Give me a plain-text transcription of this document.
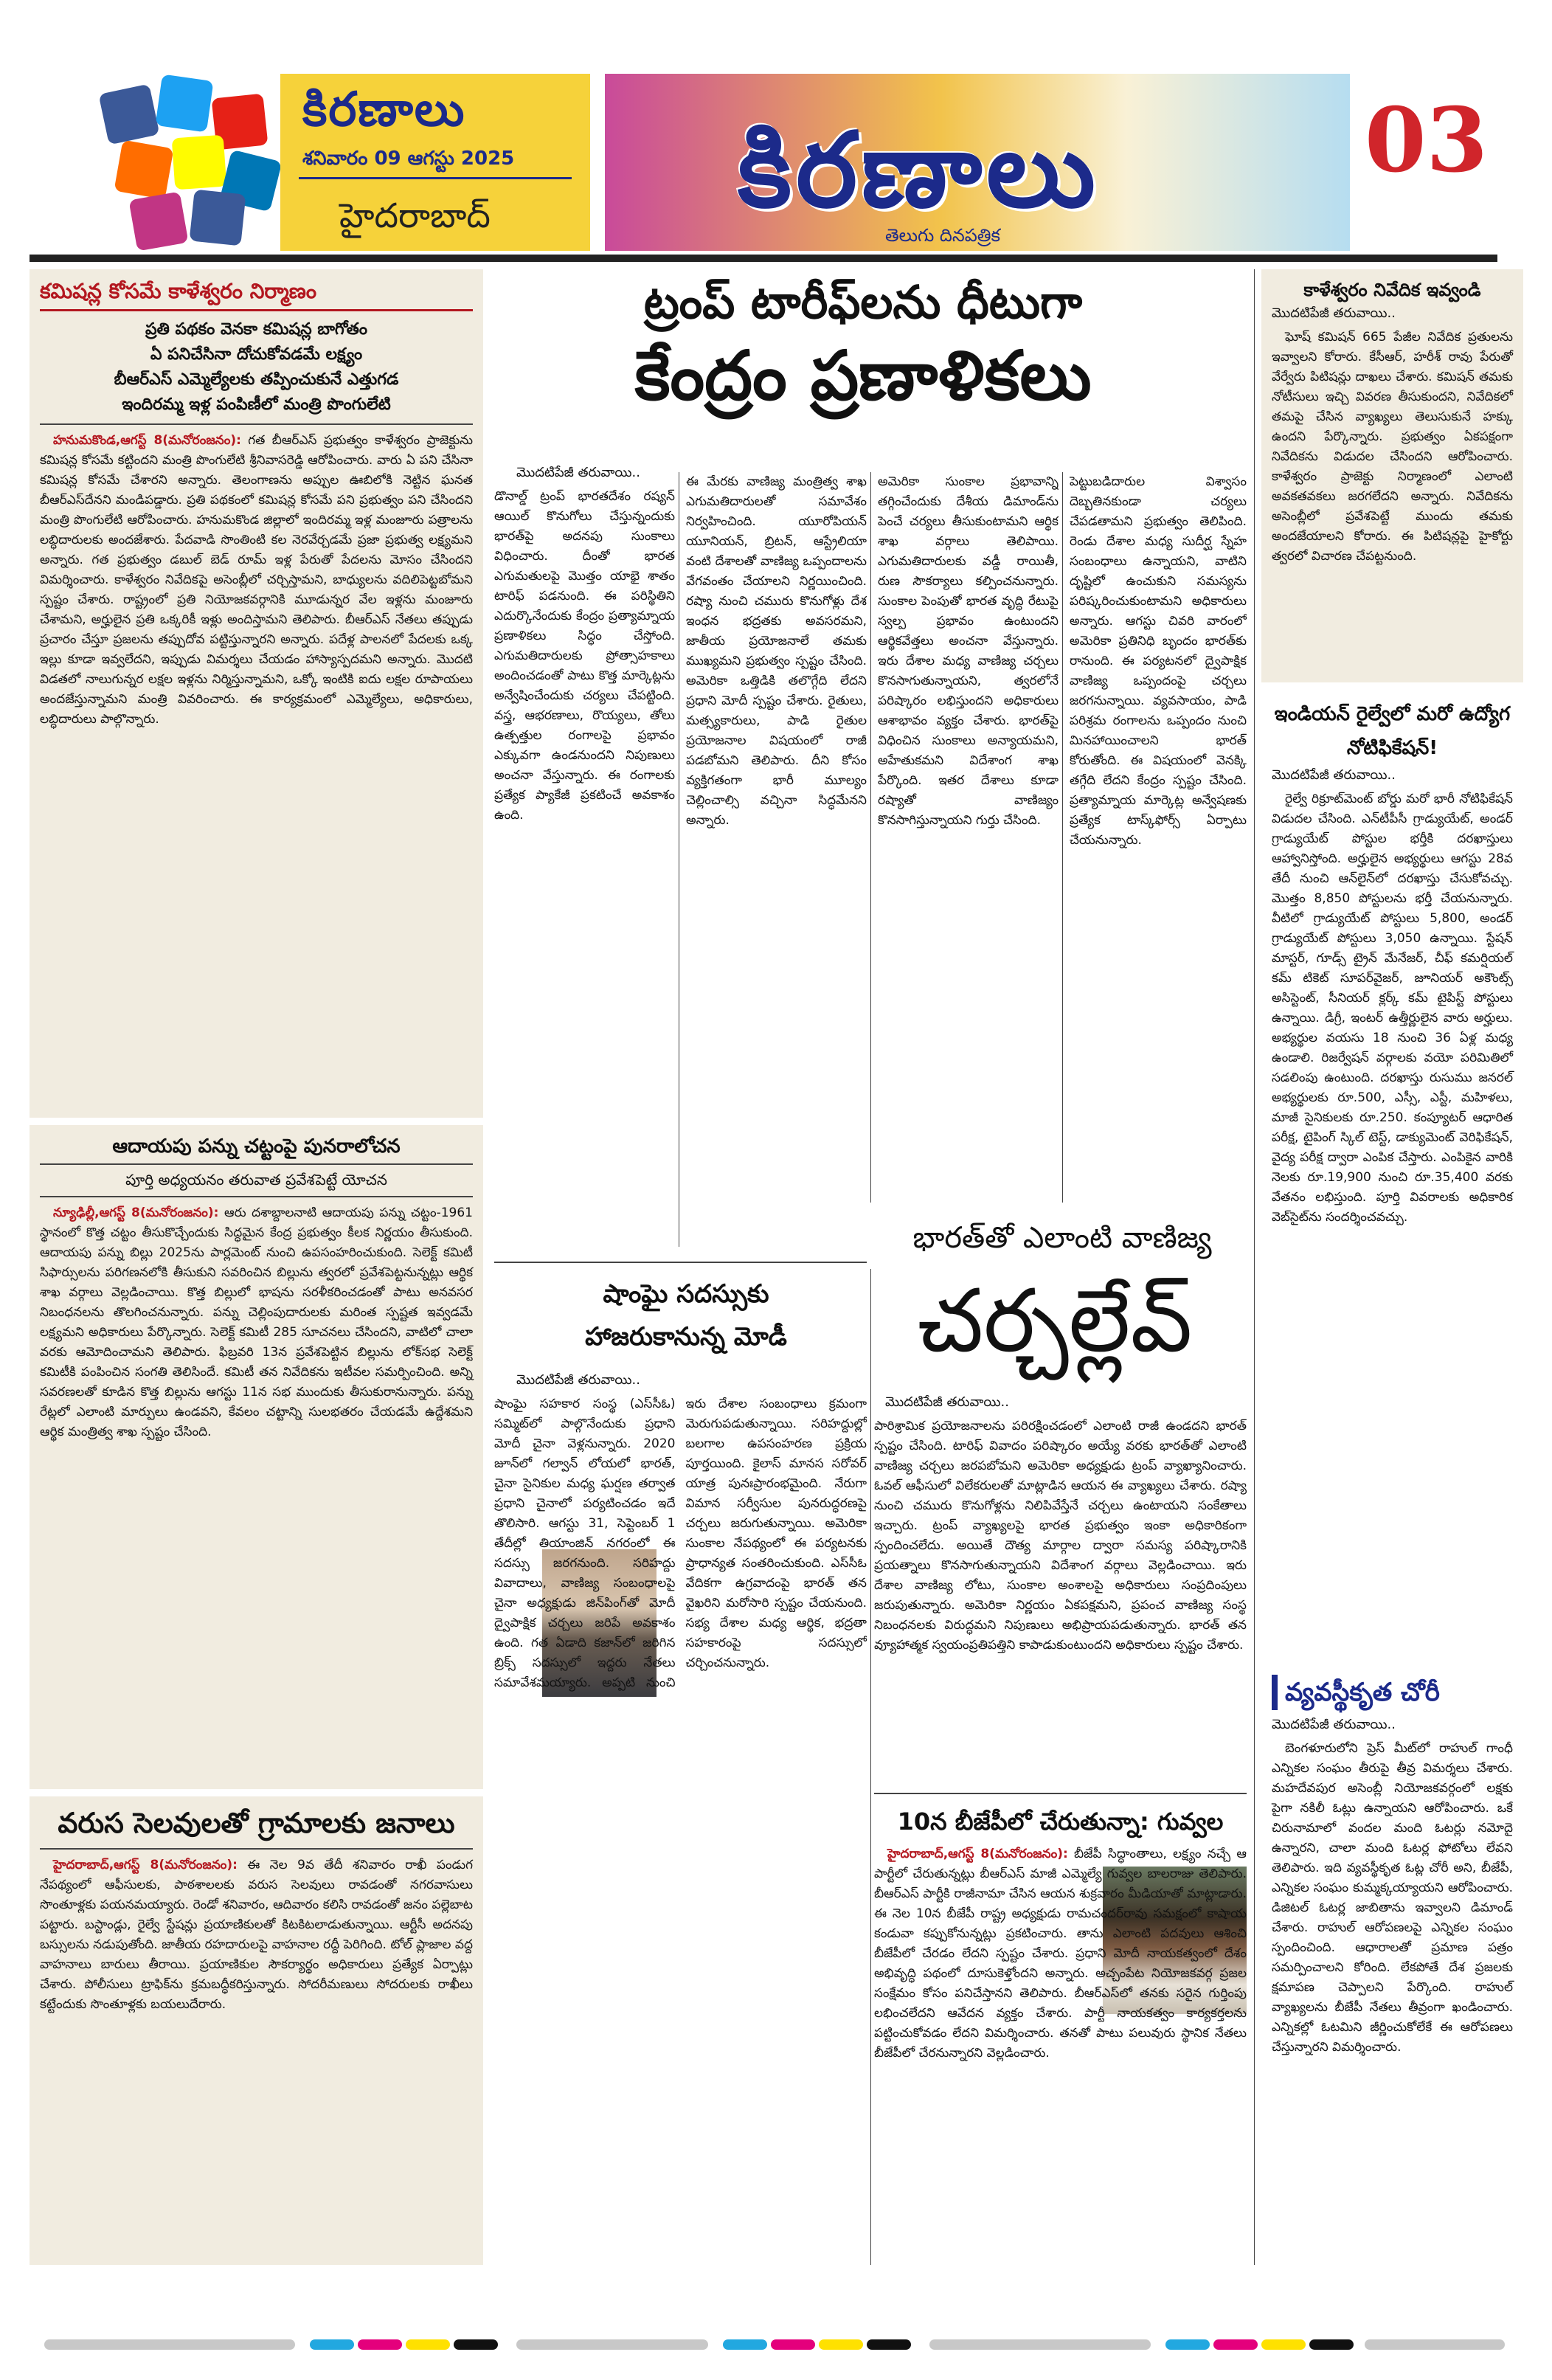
కిరణాలు
శనివారం 09 ఆగస్టు 2025
హైదరాబాద్ కిరణాలు
తెలుగు దినపత్రిక
03
కమిషన్ల కోసమే కాళేశ్వరం నిర్మాణం
ప్రతి పథకం వెనకా కమిషన్ల బాగోతం
ఏ పనిచేసినా దోచుకోవడమే లక్ష్యం
బీఆర్ఎస్ ఎమ్మెల్యేలకు తప్పించుకునే ఎత్తుగడ
ఇందిరమ్మ ఇళ్ల పంపిణీలో మంత్రి పొంగులేటి

హనుమకొండ,ఆగస్ట్ 8(మనోరంజనం): గత బీఆర్ఎస్ ప్రభుత్వం కాళేశ్వరం ప్రాజెక్టును కమిషన్ల కోసమే కట్టిందని మంత్రి పొంగులేటి శ్రీనివాసరెడ్డి ఆరోపించారు. వారు ఏ పని చేసినా కమిషన్ల కోసమే చేశారని అన్నారు. తెలంగాణను అప్పుల ఊబిలోకి నెట్టిన ఘనత బీఆర్ఎస్‌దేనని మండిపడ్డారు. ప్రతి పథకంలో కమిషన్ల కోసమే పని ప్రభుత్వం పని చేసిందని మంత్రి పొంగులేటి ఆరోపించారు. హనుమకొండ జిల్లాలో ఇందిరమ్మ ఇళ్ల మంజూరు పత్రాలను లబ్ధిదారులకు అందజేశారు. పేదవాడి సొంతింటి కల నెరవేర్చడమే ప్రజా ప్రభుత్వ లక్ష్యమని అన్నారు. గత ప్రభుత్వం డబుల్ బెడ్ రూమ్ ఇళ్ల పేరుతో పేదలను మోసం చేసిందని విమర్శించారు. కాళేశ్వరం నివేదికపై అసెంబ్లీలో చర్చిస్తామని, బాధ్యులను వదిలిపెట్టబోమని స్పష్టం చేశారు. రాష్ట్రంలో ప్రతి నియోజకవర్గానికి మూడున్నర వేల ఇళ్లను మంజూరు చేశామని, అర్హులైన ప్రతి ఒక్కరికీ ఇళ్లు అందిస్తామని తెలిపారు. బీఆర్ఎస్ నేతలు తప్పుడు ప్రచారం చేస్తూ ప్రజలను తప్పుదోవ పట్టిస్తున్నారని అన్నారు. పదేళ్ల పాలనలో పేదలకు ఒక్క ఇల్లు కూడా ఇవ్వలేదని, ఇప్పుడు విమర్శలు చేయడం హాస్యాస్పదమని అన్నారు. మొదటి విడతలో నాలుగున్నర లక్షల ఇళ్లను నిర్మిస్తున్నామని, ఒక్కో ఇంటికి ఐదు లక్షల రూపాయలు అందజేస్తున్నామని మంత్రి వివరించారు. ఈ కార్యక్రమంలో ఎమ్మెల్యేలు, అధికారులు, లబ్ధిదారులు పాల్గొన్నారు.

ఆదాయపు పన్ను చట్టంపై పునరాలోచన
పూర్తి అధ్యయనం తరువాత ప్రవేశపెట్టే యోచన

న్యూఢిల్లీ,ఆగస్ట్ 8(మనోరంజనం): ఆరు దశాబ్దాలనాటి ఆదాయపు పన్ను చట్టం-1961 స్థానంలో కొత్త చట్టం తీసుకొచ్చేందుకు సిద్ధమైన కేంద్ర ప్రభుత్వం కీలక నిర్ణయం తీసుకుంది. ఆదాయపు పన్ను బిల్లు 2025ను పార్లమెంట్ నుంచి ఉపసంహరించుకుంది. సెలెక్ట్ కమిటీ సిఫార్సులను పరిగణనలోకి తీసుకుని సవరించిన బిల్లును త్వరలో ప్రవేశపెట్టనున్నట్లు ఆర్థిక శాఖ వర్గాలు వెల్లడించాయి. కొత్త బిల్లులో భాషను సరళీకరించడంతో పాటు అనవసర నిబంధనలను తొలగించనున్నారు. పన్ను చెల్లింపుదారులకు మరింత స్పష్టత ఇవ్వడమే లక్ష్యమని అధికారులు పేర్కొన్నారు. సెలెక్ట్ కమిటీ 285 సూచనలు చేసిందని, వాటిలో చాలా వరకు ఆమోదించామని తెలిపారు. ఫిబ్రవరి 13న ప్రవేశపెట్టిన బిల్లును లోక్‌సభ సెలెక్ట్ కమిటీకి పంపించిన సంగతి తెలిసిందే. కమిటీ తన నివేదికను ఇటీవల సమర్పించింది. అన్ని సవరణలతో కూడిన కొత్త బిల్లును ఆగస్టు 11న సభ ముందుకు తీసుకురానున్నారు. పన్ను రేట్లలో ఎలాంటి మార్పులు ఉండవని, కేవలం చట్టాన్ని సులభతరం చేయడమే ఉద్దేశమని ఆర్థిక మంత్రిత్వ శాఖ స్పష్టం చేసింది.

వరుస సెలవులతో గ్రామాలకు జనాలు

హైదరాబాద్,ఆగస్ట్ 8(మనోరంజనం): ఈ నెల 9వ తేదీ శనివారం రాఖీ పండుగ నేపథ్యంలో ఆఫీసులకు, పాఠశాలలకు వరుస సెలవులు రావడంతో నగరవాసులు సొంతూళ్లకు పయనమయ్యారు. రెండో శనివారం, ఆదివారం కలిసి రావడంతో జనం పల్లెబాట పట్టారు. బస్టాండ్లు, రైల్వే స్టేషన్లు ప్రయాణికులతో కిటకిటలాడుతున్నాయి. ఆర్టీసీ అదనపు బస్సులను నడుపుతోంది. జాతీయ రహదారులపై వాహనాల రద్దీ పెరిగింది. టోల్ ప్లాజాల వద్ద వాహనాలు బారులు తీరాయి. ప్రయాణికుల సౌకర్యార్థం అధికారులు ప్రత్యేక ఏర్పాట్లు చేశారు. పోలీసులు ట్రాఫిక్‌ను క్రమబద్ధీకరిస్తున్నారు. సోదరీమణులు సోదరులకు రాఖీలు కట్టేందుకు సొంతూళ్లకు బయలుదేరారు.

ట్రంప్ టారీఫ్‌లను ధీటుగా
కేంద్రం ప్రణాళికలు
మొదటిపేజీ తరువాయి..
డొనాల్డ్ ట్రంప్ భారతదేశం రష్యన్ ఆయిల్ కొనుగోలు చేస్తున్నందుకు భారత్‌పై అదనపు సుంకాలు విధించారు. దీంతో భారత ఎగుమతులపై మొత్తం యాభై శాతం టారిఫ్ పడనుంది. ఈ పరిస్థితిని ఎదుర్కొనేందుకు కేంద్రం ప్రత్యామ్నాయ ప్రణాళికలు సిద్ధం చేస్తోంది. ఎగుమతిదారులకు ప్రోత్సాహకాలు అందించడంతో పాటు కొత్త మార్కెట్లను అన్వేషించేందుకు చర్యలు చేపట్టింది. వస్త్ర, ఆభరణాలు, రొయ్యలు, తోలు ఉత్పత్తుల రంగాలపై ప్రభావం ఎక్కువగా ఉండనుందని నిపుణులు అంచనా వేస్తున్నారు. ఈ రంగాలకు ప్రత్యేక ప్యాకేజీ ప్రకటించే అవకాశం ఉంది.
ఈ మేరకు వాణిజ్య మంత్రిత్వ శాఖ ఎగుమతిదారులతో సమావేశం నిర్వహించింది. యూరోపియన్ యూనియన్, బ్రిటన్, ఆస్ట్రేలియా వంటి దేశాలతో వాణిజ్య ఒప్పందాలను వేగవంతం చేయాలని నిర్ణయించింది. రష్యా నుంచి చమురు కొనుగోళ్లు దేశ ఇంధన భద్రతకు అవసరమని, జాతీయ ప్రయోజనాలే తమకు ముఖ్యమని ప్రభుత్వం స్పష్టం చేసింది. అమెరికా ఒత్తిడికి తలొగ్గేది లేదని ప్రధాని మోదీ స్పష్టం చేశారు. రైతులు, మత్స్యకారులు, పాడి రైతుల ప్రయోజనాల విషయంలో రాజీ పడబోమని తెలిపారు. దీని కోసం వ్యక్తిగతంగా భారీ మూల్యం చెల్లించాల్సి వచ్చినా సిద్ధమేనని అన్నారు.
అమెరికా సుంకాల ప్రభావాన్ని తగ్గించేందుకు దేశీయ డిమాండ్‌ను పెంచే చర్యలు తీసుకుంటామని ఆర్థిక శాఖ వర్గాలు తెలిపాయి. ఎగుమతిదారులకు వడ్డీ రాయితీ, రుణ సౌకర్యాలు కల్పించనున్నారు. సుంకాల పెంపుతో భారత వృద్ధి రేటుపై స్వల్ప ప్రభావం ఉంటుందని ఆర్థికవేత్తలు అంచనా వేస్తున్నారు. ఇరు దేశాల మధ్య వాణిజ్య చర్చలు కొనసాగుతున్నాయని, త్వరలోనే పరిష్కారం లభిస్తుందని అధికారులు ఆశాభావం వ్యక్తం చేశారు. భారత్‌పై విధించిన సుంకాలు అన్యాయమని, అహేతుకమని విదేశాంగ శాఖ పేర్కొంది. ఇతర దేశాలు కూడా రష్యాతో వాణిజ్యం కొనసాగిస్తున్నాయని గుర్తు చేసింది.
పెట్టుబడిదారుల విశ్వాసం దెబ్బతినకుండా చర్యలు చేపడతామని ప్రభుత్వం తెలిపింది. రెండు దేశాల మధ్య సుదీర్ఘ స్నేహ సంబంధాలు ఉన్నాయని, వాటిని దృష్టిలో ఉంచుకుని సమస్యను పరిష్కరించుకుంటామని అధికారులు అన్నారు. ఆగస్టు చివరి వారంలో అమెరికా ప్రతినిధి బృందం భారత్‌కు రానుంది. ఈ పర్యటనలో ద్వైపాక్షిక వాణిజ్య ఒప్పందంపై చర్చలు జరగనున్నాయి. వ్యవసాయం, పాడి పరిశ్రమ రంగాలను ఒప్పందం నుంచి మినహాయించాలని భారత్ కోరుతోంది. ఈ విషయంలో వెనక్కి తగ్గేది లేదని కేంద్రం స్పష్టం చేసింది. ప్రత్యామ్నాయ మార్కెట్ల అన్వేషణకు ప్రత్యేక టాస్క్‌ఫోర్స్ ఏర్పాటు చేయనున్నారు.
భారత్‌తో ఎలాంటి వాణిజ్య
చర్చల్లేవ్
మొదటిపేజీ తరువాయి..
పారిశ్రామిక ప్రయోజనాలను పరిరక్షించడంలో ఎలాంటి రాజీ ఉండదని భారత్ స్పష్టం చేసింది. టారిఫ్ వివాదం పరిష్కారం అయ్యే వరకు భారత్‌తో ఎలాంటి వాణిజ్య చర్చలు జరపబోమని అమెరికా అధ్యక్షుడు ట్రంప్ వ్యాఖ్యానించారు. ఓవల్ ఆఫీసులో విలేకరులతో మాట్లాడిన ఆయన ఈ వ్యాఖ్యలు చేశారు. రష్యా నుంచి చమురు కొనుగోళ్లను నిలిపివేస్తేనే చర్చలు ఉంటాయని సంకేతాలు ఇచ్చారు. ట్రంప్ వ్యాఖ్యలపై భారత ప్రభుత్వం ఇంకా అధికారికంగా స్పందించలేదు. అయితే దౌత్య మార్గాల ద్వారా సమస్య పరిష్కారానికి ప్రయత్నాలు కొనసాగుతున్నాయని విదేశాంగ వర్గాలు వెల్లడించాయి. ఇరు దేశాల వాణిజ్య లోటు, సుంకాల అంశాలపై అధికారులు సంప్రదింపులు జరుపుతున్నారు. అమెరికా నిర్ణయం ఏకపక్షమని, ప్రపంచ వాణిజ్య సంస్థ నిబంధనలకు విరుద్ధమని నిపుణులు అభిప్రాయపడుతున్నారు. భారత్ తన వ్యూహాత్మక స్వయంప్రతిపత్తిని కాపాడుకుంటుందని అధికారులు స్పష్టం చేశారు.
షాంఘై సదస్సుకు హాజరుకానున్న మోడీ
మొదటిపేజీ తరువాయి..
షాంఘై సహకార సంస్థ (ఎస్‌సీఓ) సమ్మిట్‌లో పాల్గొనేందుకు ప్రధాని మోదీ చైనా వెళ్లనున్నారు. 2020 జూన్‌లో గల్వాన్ లోయలో భారత్, చైనా సైనికుల మధ్య ఘర్షణ తర్వాత ప్రధాని చైనాలో పర్యటించడం ఇదే తొలిసారి. ఆగస్టు 31, సెప్టెంబర్ 1 తేదీల్లో తియాంజిన్ నగరంలో ఈ సదస్సు జరగనుంది. సరిహద్దు వివాదాలు, వాణిజ్య సంబంధాలపై చైనా అధ్యక్షుడు జిన్‌పింగ్‌తో మోదీ ద్వైపాక్షిక చర్చలు జరిపే అవకాశం ఉంది. గత ఏడాది కజాన్‌లో జరిగిన బ్రిక్స్ సదస్సులో ఇద్దరు నేతలు సమావేశమయ్యారు. అప్పటి నుంచి ఇరు దేశాల సంబంధాలు క్రమంగా మెరుగుపడుతున్నాయి. సరిహద్దుల్లో బలగాల ఉపసంహరణ ప్రక్రియ పూర్తయింది. కైలాస్ మానస సరోవర్ యాత్ర పునఃప్రారంభమైంది. నేరుగా విమాన సర్వీసుల పునరుద్ధరణపై చర్చలు జరుగుతున్నాయి. అమెరికా సుంకాల నేపథ్యంలో ఈ పర్యటనకు ప్రాధాన్యత సంతరించుకుంది. ఎస్‌సీఓ వేదికగా ఉగ్రవాదంపై భారత్ తన వైఖరిని మరోసారి స్పష్టం చేయనుంది. సభ్య దేశాల మధ్య ఆర్థిక, భద్రతా సహకారంపై సదస్సులో చర్చించనున్నారు.
10న బీజేపీలో చేరుతున్నా: గువ్వల

హైదరాబాద్,ఆగస్ట్ 8(మనోరంజనం): బీజేపీ సిద్ధాంతాలు, లక్ష్యం నచ్చే ఆ పార్టీలో చేరుతున్నట్లు బీఆర్ఎస్ మాజీ ఎమ్మెల్యే గువ్వల బాలరాజు తెలిపారు. బీఆర్ఎస్ పార్టీకి రాజీనామా చేసిన ఆయన శుక్రవారం మీడియాతో మాట్లాడారు. ఈ నెల 10న బీజేపీ రాష్ట్ర అధ్యక్షుడు రామచందర్‌రావు సమక్షంలో కాషాయ కండువా కప్పుకోనున్నట్లు ప్రకటించారు. తాను ఎలాంటి పదవులు ఆశించి బీజేపీలో చేరడం లేదని స్పష్టం చేశారు. ప్రధాని మోదీ నాయకత్వంలో దేశం అభివృద్ధి పథంలో దూసుకెళ్తోందని అన్నారు. అచ్చంపేట నియోజకవర్గ ప్రజల సంక్షేమం కోసం పనిచేస్తానని తెలిపారు. బీఆర్ఎస్‌లో తనకు సరైన గుర్తింపు లభించలేదని ఆవేదన వ్యక్తం చేశారు. పార్టీ నాయకత్వం కార్యకర్తలను పట్టించుకోవడం లేదని విమర్శించారు. తనతో పాటు పలువురు స్థానిక నేతలు బీజేపీలో చేరనున్నారని వెల్లడించారు.

కాళేశ్వరం నివేదిక ఇవ్వండి
మొదటిపేజీ తరువాయి..

ఘోష్ కమిషన్ 665 పేజీల నివేదిక ప్రతులను ఇవ్వాలని కోరారు. కేసీఆర్, హరీశ్ రావు పేరుతో వేర్వేరు పిటిషన్లు దాఖలు చేశారు. కమిషన్ తమకు నోటీసులు ఇచ్చి వివరణ తీసుకుందని, నివేదికలో తమపై చేసిన వ్యాఖ్యలు తెలుసుకునే హక్కు ఉందని పేర్కొన్నారు. ప్రభుత్వం ఏకపక్షంగా నివేదికను విడుదల చేసిందని ఆరోపించారు. కాళేశ్వరం ప్రాజెక్టు నిర్మాణంలో ఎలాంటి అవకతవకలు జరగలేదని అన్నారు. నివేదికను అసెంబ్లీలో ప్రవేశపెట్టే ముందు తమకు అందజేయాలని కోరారు. ఈ పిటిషన్లపై హైకోర్టు త్వరలో విచారణ చేపట్టనుంది.

ఇండియన్ రైల్వేలో మరో ఉద్యోగ నోటిఫికేషన్!
మొదటిపేజీ తరువాయి..

రైల్వే రిక్రూట్‌మెంట్ బోర్డు మరో భారీ నోటిఫికేషన్ విడుదల చేసింది. ఎన్‌టీపీసీ గ్రాడ్యుయేట్, అండర్ గ్రాడ్యుయేట్ పోస్టుల భర్తీకి దరఖాస్తులు ఆహ్వానిస్తోంది. అర్హులైన అభ్యర్థులు ఆగస్టు 28వ తేదీ నుంచి ఆన్‌లైన్‌లో దరఖాస్తు చేసుకోవచ్చు. మొత్తం 8,850 పోస్టులను భర్తీ చేయనున్నారు. వీటిలో గ్రాడ్యుయేట్ పోస్టులు 5,800, అండర్ గ్రాడ్యుయేట్ పోస్టులు 3,050 ఉన్నాయి. స్టేషన్ మాస్టర్, గూడ్స్ ట్రైన్ మేనేజర్, చీఫ్ కమర్షియల్ కమ్ టికెట్ సూపర్‌వైజర్, జూనియర్ అకౌంట్స్ అసిస్టెంట్, సీనియర్ క్లర్క్ కమ్ టైపిస్ట్ పోస్టులు ఉన్నాయి. డిగ్రీ, ఇంటర్ ఉత్తీర్ణులైన వారు అర్హులు. అభ్యర్థుల వయసు 18 నుంచి 36 ఏళ్ల మధ్య ఉండాలి. రిజర్వేషన్ వర్గాలకు వయో పరిమితిలో సడలింపు ఉంటుంది. దరఖాస్తు రుసుము జనరల్ అభ్యర్థులకు రూ.500, ఎస్సీ, ఎస్టీ, మహిళలు, మాజీ సైనికులకు రూ.250. కంప్యూటర్ ఆధారిత పరీక్ష, టైపింగ్ స్కిల్ టెస్ట్, డాక్యుమెంట్ వెరిఫికేషన్, వైద్య పరీక్ష ద్వారా ఎంపిక చేస్తారు. ఎంపికైన వారికి నెలకు రూ.19,900 నుంచి రూ.35,400 వరకు వేతనం లభిస్తుంది. పూర్తి వివరాలకు అధికారిక వెబ్‌సైట్‌ను సందర్శించవచ్చు.

వ్యవస్థీకృత చోరీ
మొదటిపేజీ తరువాయి..

బెంగళూరులోని ప్రెస్ మీట్‌లో రాహుల్ గాంధీ ఎన్నికల సంఘం తీరుపై తీవ్ర విమర్శలు చేశారు. మహదేవపుర అసెంబ్లీ నియోజకవర్గంలో లక్షకు పైగా నకిలీ ఓట్లు ఉన్నాయని ఆరోపించారు. ఒకే చిరునామాలో వందల మంది ఓటర్లు నమోదై ఉన్నారని, చాలా మంది ఓటర్ల ఫోటోలు లేవని తెలిపారు. ఇది వ్యవస్థీకృత ఓట్ల చోరీ అని, బీజేపీ, ఎన్నికల సంఘం కుమ్మక్కయ్యాయని ఆరోపించారు. డిజిటల్ ఓటర్ల జాబితాను ఇవ్వాలని డిమాండ్ చేశారు. రాహుల్ ఆరోపణలపై ఎన్నికల సంఘం స్పందించింది. ఆధారాలతో ప్రమాణ పత్రం సమర్పించాలని కోరింది. లేకపోతే దేశ ప్రజలకు క్షమాపణ చెప్పాలని పేర్కొంది. రాహుల్ వ్యాఖ్యలను బీజేపీ నేతలు తీవ్రంగా ఖండించారు. ఎన్నికల్లో ఓటమిని జీర్ణించుకోలేకే ఈ ఆరోపణలు చేస్తున్నారని విమర్శించారు.
